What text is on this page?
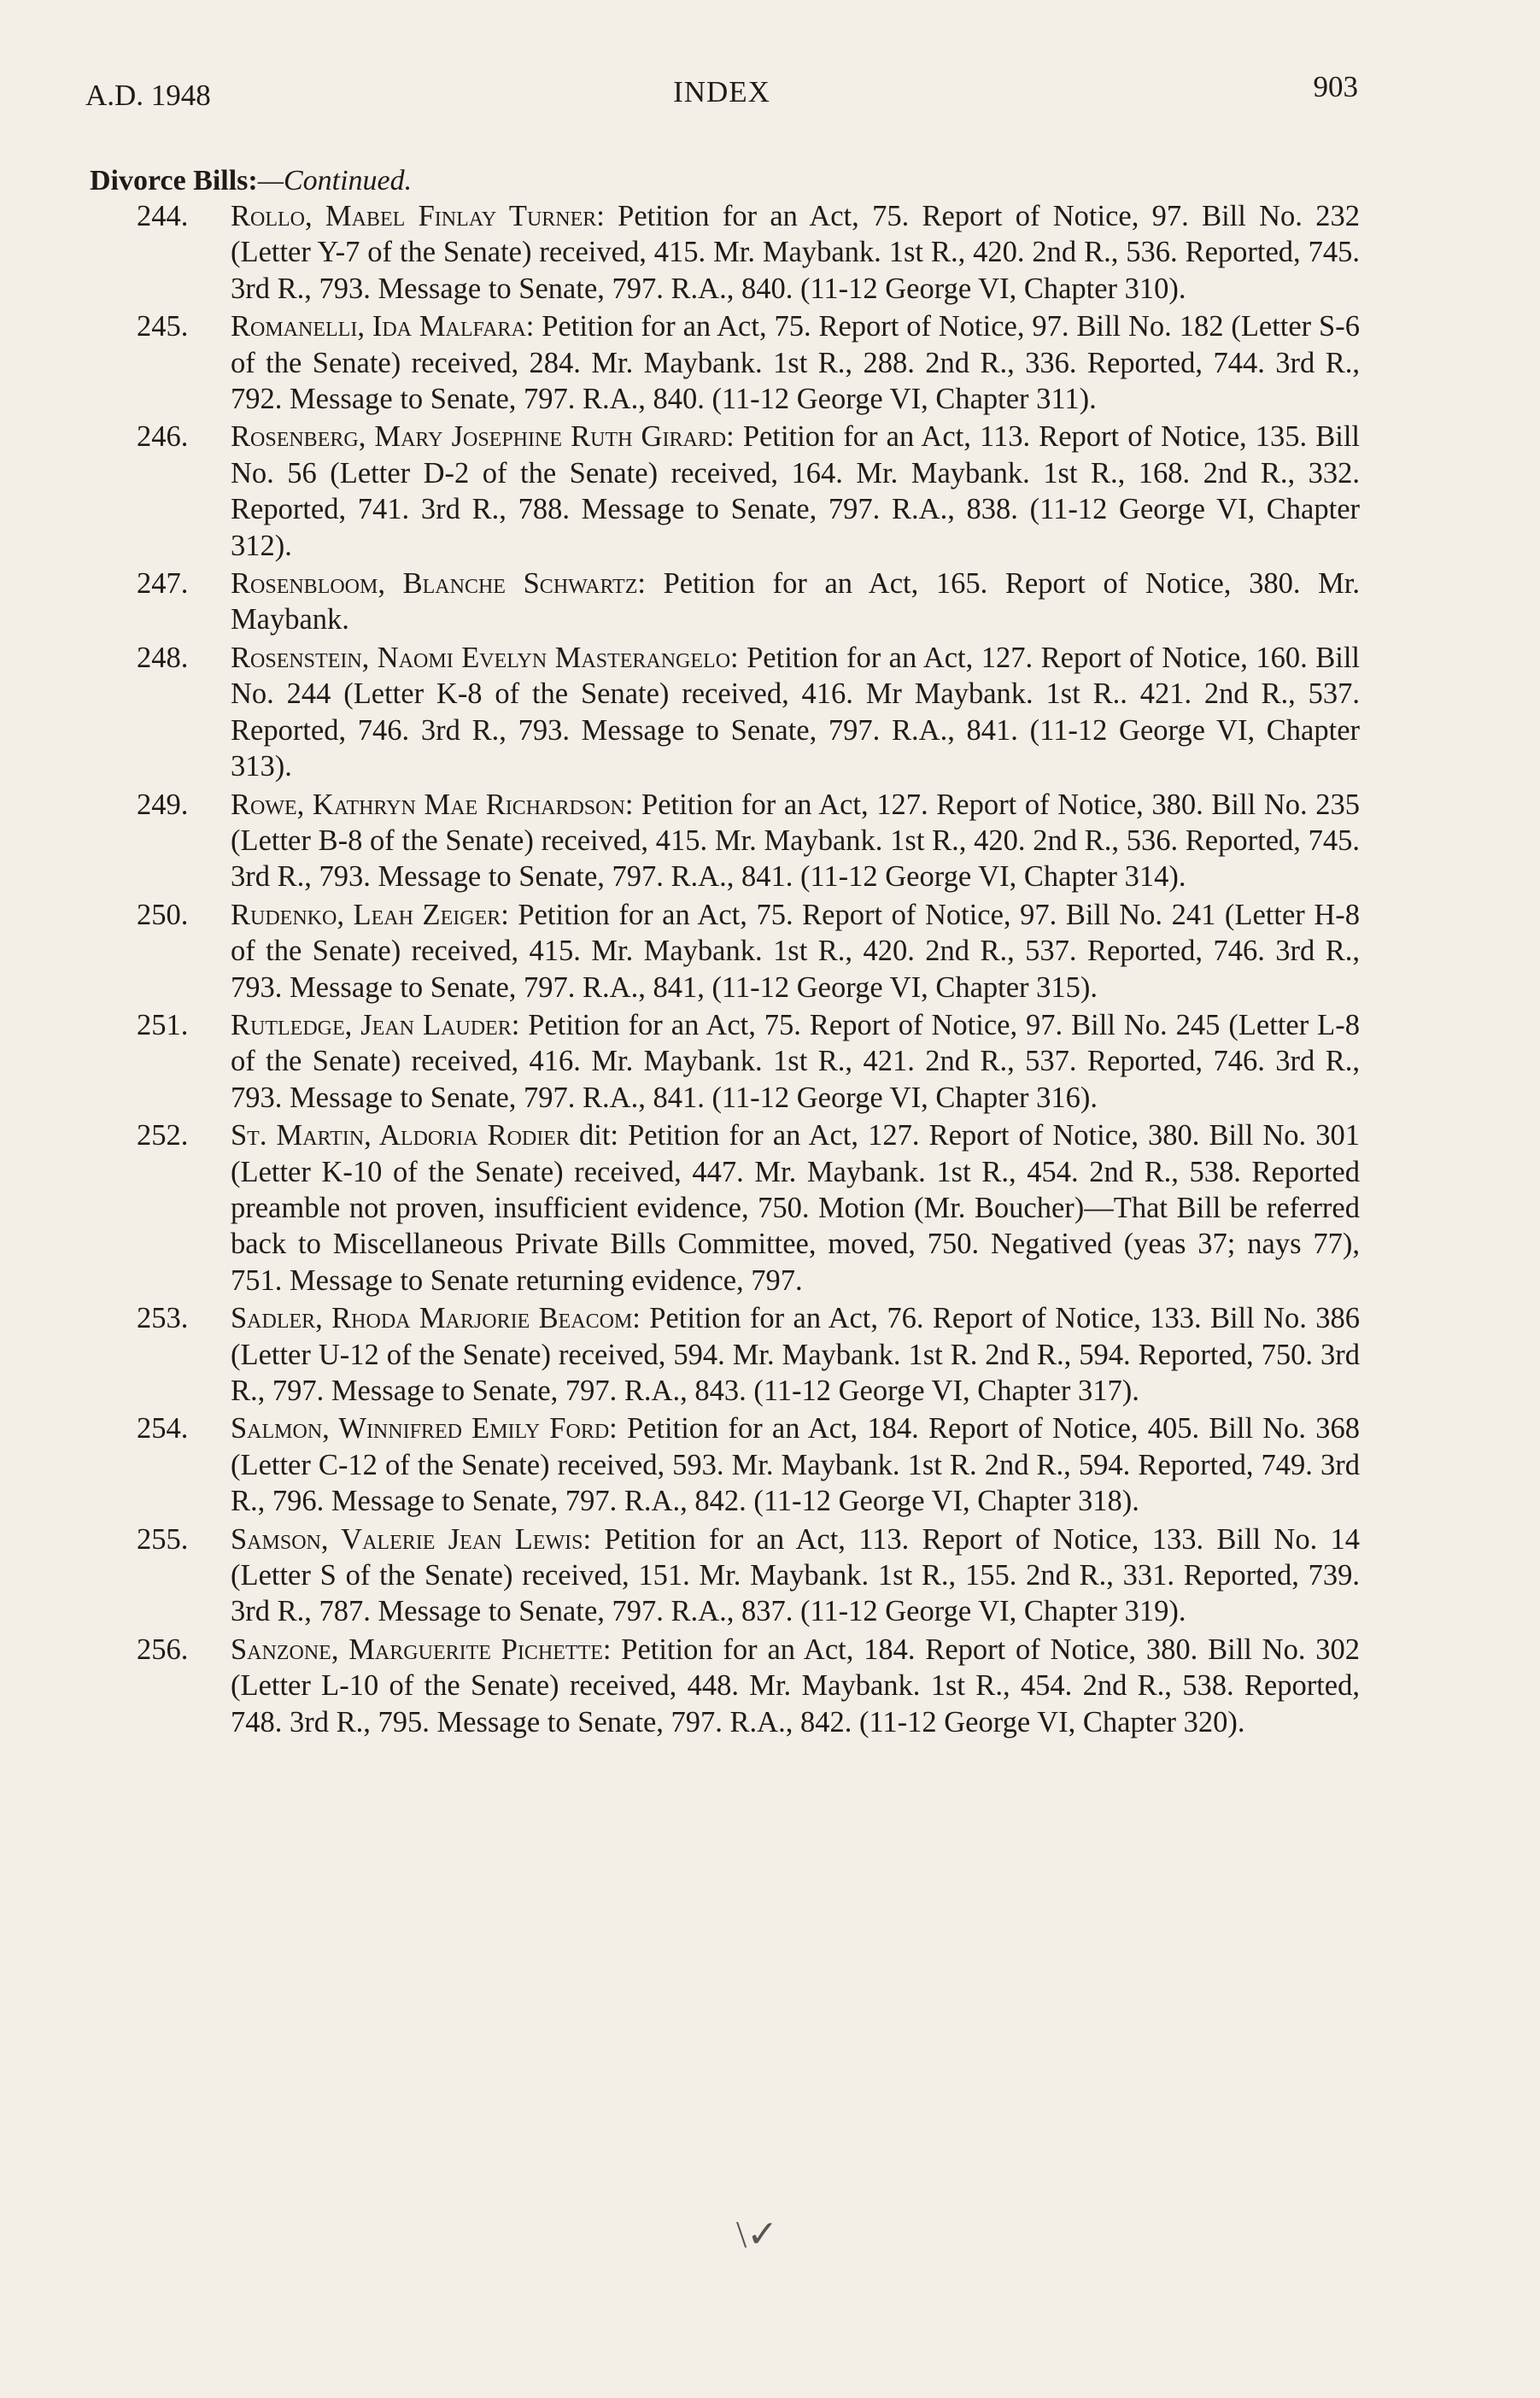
A.D. 1948	INDEX	903
Divorce Bills:—Continued.
244.	Rollo, Mabel Finlay Turner: Petition for an Act, 75. Report of Notice, 97. Bill No. 232 (Letter Y-7 of the Senate) received, 415. Mr. Maybank. 1st R., 420. 2nd R., 536. Reported, 745. 3rd R., 793. Message to Senate, 797. R.A., 840. (11-12 George VI, Chapter 310).
245.	Romanelli, Ida Malfara: Petition for an Act, 75. Report of Notice, 97. Bill No. 182 (Letter S-6 of the Senate) received, 284. Mr. Maybank. 1st R., 288. 2nd R., 336. Reported, 744. 3rd R., 792. Message to Senate, 797. R.A., 840. (11-12 George VI, Chapter 311).
246.	Rosenberg, Mary Josephine Ruth Girard: Petition for an Act, 113. Report of Notice, 135. Bill No. 56 (Letter D-2 of the Senate) received, 164. Mr. Maybank. 1st R., 168. 2nd R., 332. Reported, 741. 3rd R., 788. Message to Senate, 797. R.A., 838. (11-12 George VI, Chapter 312).
247.	Rosenbloom, Blanche Schwartz: Petition for an Act, 165. Report of Notice, 380. Mr. Maybank.
248.	Rosenstein, Naomi Evelyn Masterangelo: Petition for an Act, 127. Report of Notice, 160. Bill No. 244 (Letter K-8 of the Senate) received, 416. Mr Maybank. 1st R.. 421. 2nd R., 537. Reported, 746. 3rd R., 793. Message to Senate, 797. R.A., 841. (11-12 George VI, Chapter 313).
249.	Rowe, Kathryn Mae Richardson: Petition for an Act, 127. Report of Notice, 380. Bill No. 235 (Letter B-8 of the Senate) received, 415. Mr. Maybank. 1st R., 420. 2nd R., 536. Reported, 745. 3rd R., 793. Message to Senate, 797. R.A., 841. (11-12 George VI, Chapter 314).
250.	Rudenko, Leah Zeiger: Petition for an Act, 75. Report of Notice, 97. Bill No. 241 (Letter H-8 of the Senate) received, 415. Mr. Maybank. 1st R., 420. 2nd R., 537. Reported, 746. 3rd R., 793. Message to Senate, 797. R.A., 841, (11-12 George VI, Chapter 315).
251.	Rutledge, Jean Lauder: Petition for an Act, 75. Report of Notice, 97. Bill No. 245 (Letter L-8 of the Senate) received, 416. Mr. Maybank. 1st R., 421. 2nd R., 537. Reported, 746. 3rd R., 793. Message to Senate, 797. R.A., 841. (11-12 George VI, Chapter 316).
252.	St. Martin, Aldoria Rodier dit: Petition for an Act, 127. Report of Notice, 380. Bill No. 301 (Letter K-10 of the Senate) received, 447. Mr. Maybank. 1st R., 454. 2nd R., 538. Reported preamble not proven, insufficient evidence, 750. Motion (Mr. Boucher)—That Bill be referred back to Miscellaneous Private Bills Committee, moved, 750. Negatived (yeas 37; nays 77), 751. Message to Senate returning evidence, 797.
253.	Sadler, Rhoda Marjorie Beacom: Petition for an Act, 76. Report of Notice, 133. Bill No. 386 (Letter U-12 of the Senate) received, 594. Mr. Maybank. 1st R. 2nd R., 594. Reported, 750. 3rd R., 797. Message to Senate, 797. R.A., 843. (11-12 George VI, Chapter 317).
254.	Salmon, Winnifred Emily Ford: Petition for an Act, 184. Report of Notice, 405. Bill No. 368 (Letter C-12 of the Senate) received, 593. Mr. Maybank. 1st R. 2nd R., 594. Reported, 749. 3rd R., 796. Message to Senate, 797. R.A., 842. (11-12 George VI, Chapter 318).
255.	Samson, Valerie Jean Lewis: Petition for an Act, 113. Report of Notice, 133. Bill No. 14 (Letter S of the Senate) received, 151. Mr. Maybank. 1st R., 155. 2nd R., 331. Reported, 739. 3rd R., 787. Message to Senate, 797. R.A., 837. (11-12 George VI, Chapter 319).
256.	Sanzone, Marguerite Pichette: Petition for an Act, 184. Report of Notice, 380. Bill No. 302 (Letter L-10 of the Senate) received, 448. Mr. Maybank. 1st R., 454. 2nd R., 538. Reported, 748. 3rd R., 795. Message to Senate, 797. R.A., 842. (11-12 George VI, Chapter 320).
\✓
